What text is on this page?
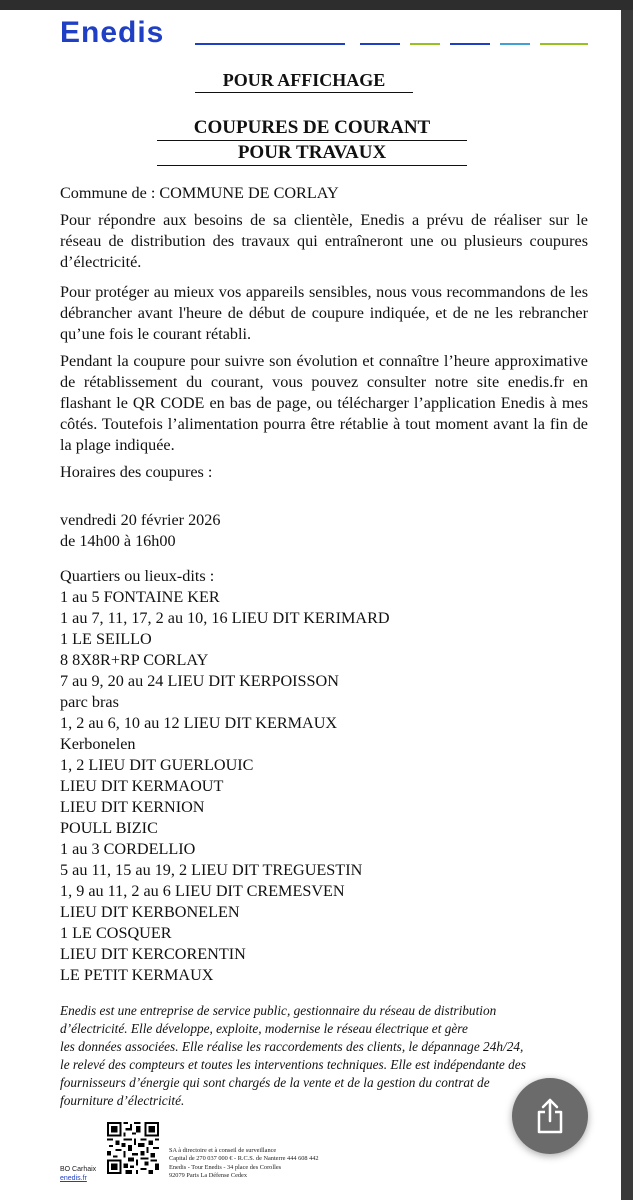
Enedis
POUR AFFICHAGE
COUPURES DE COURANT
POUR TRAVAUX
Commune de : COMMUNE DE CORLAY
Pour répondre aux besoins de sa clientèle, Enedis a prévu de réaliser sur le réseau de distribution des travaux qui entraîneront une ou plusieurs coupures d’électricité.
Pour protéger au mieux vos appareils sensibles, nous vous recommandons de les débrancher avant l'heure de début de coupure indiquée, et de ne les rebrancher qu’une fois le courant rétabli.
Pendant la coupure pour suivre son évolution et connaître l’heure approximative de rétablissement du courant, vous pouvez consulter notre site enedis.fr en flashant le QR CODE en bas de page, ou télécharger l’application Enedis à mes côtés. Toutefois l’alimentation pourra être rétablie à tout moment avant la fin de la plage indiquée.
Horaires des coupures :
vendredi 20 février 2026
de 14h00 à 16h00
Quartiers ou lieux-dits :
1 au 5 FONTAINE KER
1 au 7, 11, 17, 2 au 10, 16 LIEU DIT KERIMARD
1 LE SEILLO
8 8X8R+RP CORLAY
7 au 9, 20 au 24 LIEU DIT KERPOISSON
parc bras
1, 2 au 6, 10 au 12 LIEU DIT KERMAUX
Kerbonelen
1, 2 LIEU DIT GUERLOUIC
LIEU DIT KERMAOUT
LIEU DIT KERNION
POULL BIZIC
1 au 3 CORDELLIO
5 au 11, 15 au 19, 2 LIEU DIT TREGUESTIN
1, 9 au 11, 2 au 6 LIEU DIT CREMESVEN
LIEU DIT KERBONELEN
1 LE COSQUER
LIEU DIT KERCORENTIN
LE PETIT KERMAUX
Enedis est une entreprise de service public, gestionnaire du réseau de distribution
d’électricité. Elle développe, exploite, modernise le réseau électrique et gère
les données associées. Elle réalise les raccordements des clients, le dépannage 24h/24,
le relevé des compteurs et toutes les interventions techniques. Elle est indépendante des
fournisseurs d’énergie qui sont chargés de la vente et de la gestion du contrat de
fourniture d’électricité.
BO Carhaix
enedis.fr
SA à directoire et à conseil de surveillance
Capital de 270 037 000 € - R.C.S. de Nanterre 444 608 442
Enedis - Tour Enedis - 34 place des Corolles
92079 Paris La Défense Cedex
